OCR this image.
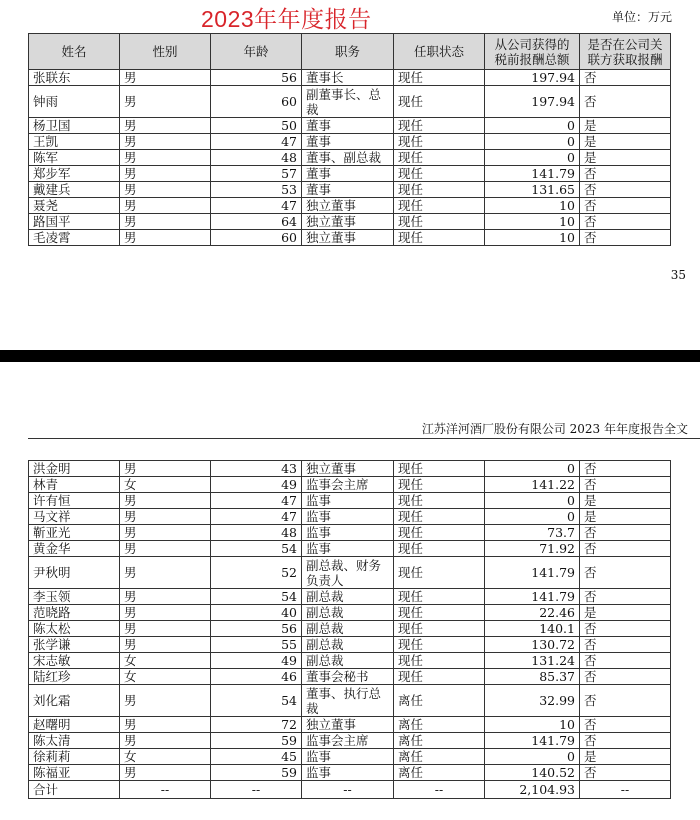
2023年年度报告	单位：万元
姓名	性别	年龄	职务	任职状态	从公司获得的税前报酬总额	是否在公司关联方获取报酬
张联东	男	56	董事长	现任	197.94	否
钟雨	男	60	副董事长、总裁	现任	197.94	否
杨卫国	男	50	董事	现任	0	是
王凯	男	47	董事	现任	0	是
陈军	男	48	董事、副总裁	现任	0	是
郑步军	男	57	董事	现任	141.79	否
戴建兵	男	53	董事	现任	131.65	否
聂尧	男	47	独立董事	现任	10	否
路国平	男	64	独立董事	现任	10	否
毛凌霄	男	60	独立董事	现任	10	否
35
江苏洋河酒厂股份有限公司 2023 年年度报告全文
洪金明	男	43	独立董事	现任	0	否
林青	女	49	监事会主席	现任	141.22	否
许有恒	男	47	监事	现任	0	是
马文祥	男	47	监事	现任	0	是
靳亚光	男	48	监事	现任	73.7	否
黄金华	男	54	监事	现任	71.92	否
尹秋明	男	52	副总裁、财务负责人	现任	141.79	否
李玉领	男	54	副总裁	现任	141.79	否
范晓路	男	40	副总裁	现任	22.46	是
陈太松	男	56	副总裁	现任	140.1	否
张学谦	男	55	副总裁	现任	130.72	否
宋志敏	女	49	副总裁	现任	131.24	否
陆红珍	女	46	董事会秘书	现任	85.37	否
刘化霜	男	54	董事、执行总裁	离任	32.99	否
赵曙明	男	72	独立董事	离任	10	否
陈太清	男	59	监事会主席	离任	141.79	否
徐莉莉	女	45	监事	离任	0	是
陈福亚	男	59	监事	离任	140.52	否
合计	--	--	--	--	2,104.93	--
